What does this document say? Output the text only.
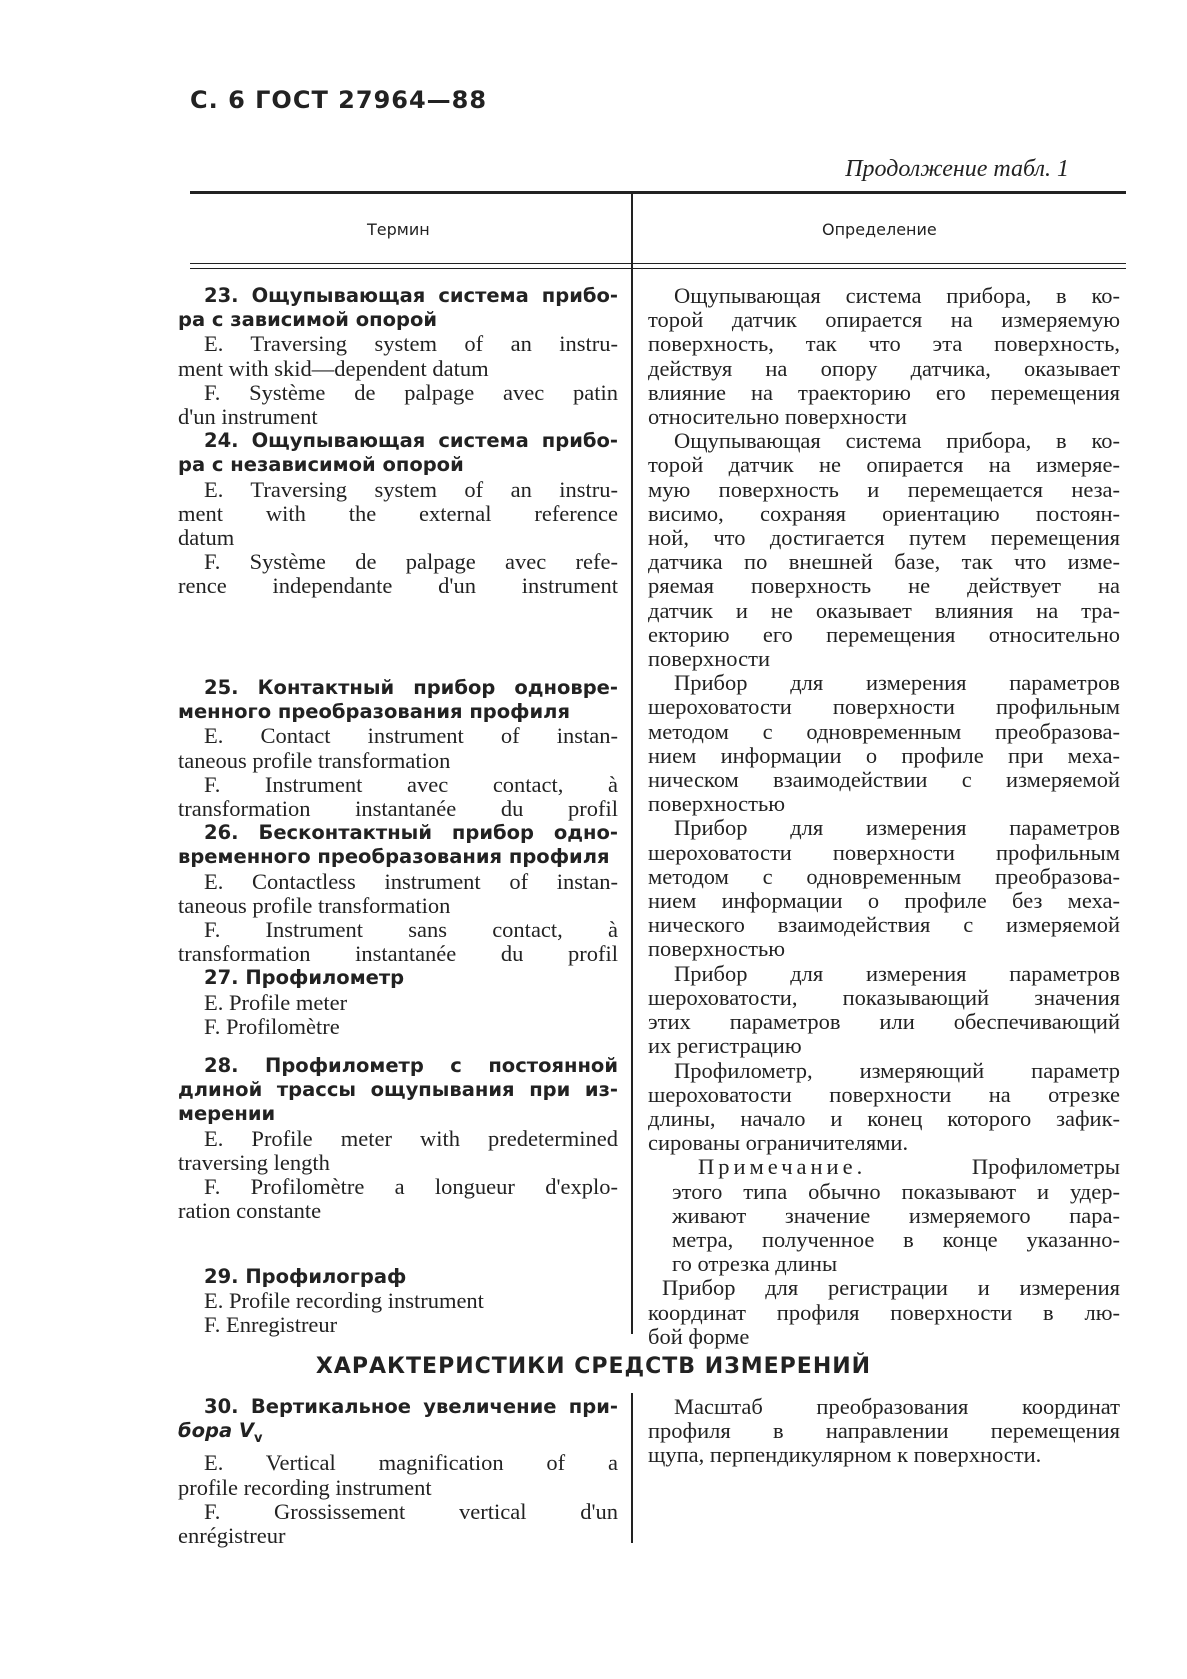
С. 6 ГОСТ 27964—88
Продолжение табл. 1
Термин	Определение

23. Ощупывающая система прибо-

ра с зависимой опорой

E. Traversing system of an instru-

ment with skid—dependent datum

F. Système de palpage avec patin

d'un instrument

24. Ощупывающая система прибо-

ра с независимой опорой

E. Traversing system of an instru-

ment with the external reference

datum

F. Système de palpage avec refe-

rence independante d'un instrument

25. Контактный прибор одновре-

менного преобразования профиля

E. Contact instrument of instan-

taneous profile transformation

F. Instrument avec contact, à

transformation instantanée du profil

26. Бесконтактный прибор одно-

временного преобразования профиля

E. Contactless instrument of instan-

taneous profile transformation

F. Instrument sans contact, à

transformation instantanée du profil

27. Профилометр

E. Profile meter

F. Profilomètre

28. Профилометр с постоянной

длиной трассы ощупывания при из-

мерении

E. Profile meter with predetermined

traversing length

F. Profilomètre a longueur d'explo-

ration constante

29. Профилограф

E. Profile recording instrument

F. Enregistreur

Ощупывающая система прибора, в ко-

торой датчик опирается на измеряемую

поверхность, так что эта поверхность,

действуя на опору датчика, оказывает

влияние на траекторию его перемещения

относительно поверхности

Ощупывающая система прибора, в ко-

торой датчик не опирается на измеряе-

мую поверхность и перемещается неза-

висимо, сохраняя ориентацию постоян-

ной, что достигается путем перемещения

датчика по внешней базе, так что изме-

ряемая поверхность не действует на

датчик и не оказывает влияния на тра-

екторию его перемещения относительно

поверхности

Прибор для измерения параметров

шероховатости поверхности профильным

методом с одновременным преобразова-

нием информации о профиле при меха-

ническом взаимодействии с измеряемой

поверхностью

Прибор для измерения параметров

шероховатости поверхности профильным

методом с одновременным преобразова-

нием информации о профиле без меха-

нического взаимодействия с измеряемой

поверхностью

Прибор для измерения параметров

шероховатости, показывающий значения

этих параметров или обеспечивающий

их регистрацию

Профилометр, измеряющий параметр

шероховатости поверхности на отрезке

длины, начало и конец которого зафик-

сированы ограничителями.

Примечание.	Профилометры

этого типа обычно показывают и удер-

живают значение измеряемого пара-

метра, полученное в конце указанно-

го отрезка длины

Прибор для регистрации и измерения

координат профиля поверхности в лю-

бой форме

ХАРАКТЕРИСТИКИ СРЕДСТВ ИЗМЕРЕНИЙ

30. Вертикальное увеличение при-

бора $V_v$

E. Vertical magnification of a

profile recording instrument

F. Grossissement vertical d'un

enrégistreur

Масштаб преобразования координат

профиля в направлении перемещения

щупа, перпендикулярном к поверхности.
